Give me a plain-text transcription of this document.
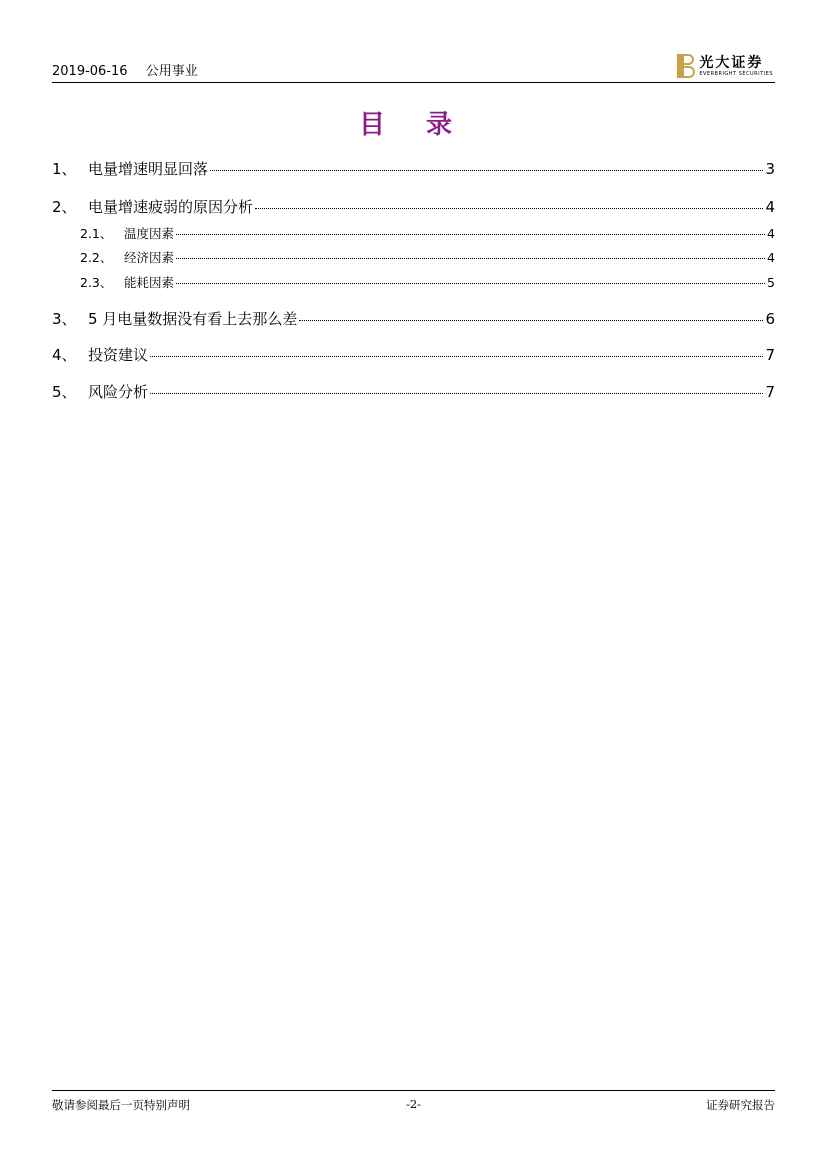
2019-06-16 公用事业
光大证券
EVERBRIGHT SECURITIES
目 录
1、 电量增速明显回落	3
2、 电量增速疲弱的原因分析	4
2.1、 温度因素	4
2.2、 经济因素	4
2.3、 能耗因素	5
3、 5 月电量数据没有看上去那么差	6
4、 投资建议	7
5、 风险分析	7
敬请参阅最后一页特别声明	-2-	证券研究报告
